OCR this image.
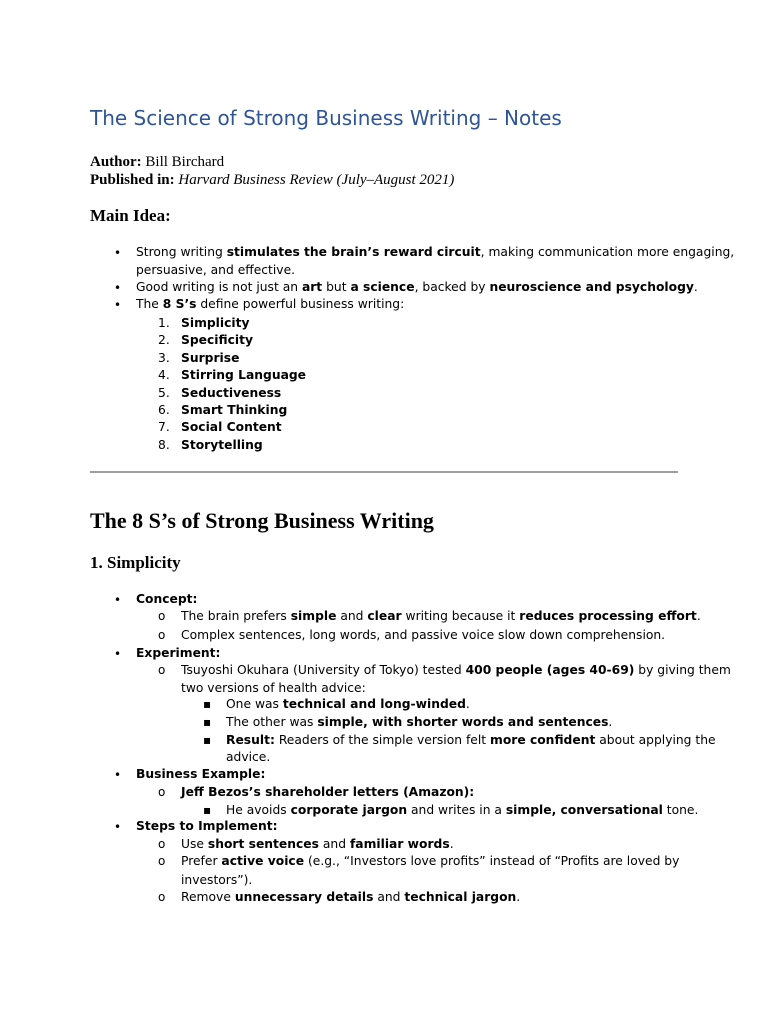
The Science of Strong Business Writing – Notes
Author: Bill Birchard
Published in: Harvard Business Review (July–August 2021)
Main Idea:
• Strong writing stimulates the brain’s reward circuit, making communication more engaging,
persuasive, and effective.
• Good writing is not just an art but a science, backed by neuroscience and psychology.
• The 8 S’s define powerful business writing:
1. Simplicity
2. Specificity
3. Surprise
4. Stirring Language
5. Seductiveness
6. Smart Thinking
7. Social Content
8. Storytelling
The 8 S’s of Strong Business Writing
1. Simplicity
• Concept:
o The brain prefers simple and clear writing because it reduces processing effort.
o Complex sentences, long words, and passive voice slow down comprehension.
• Experiment:
o Tsuyoshi Okuhara (University of Tokyo) tested 400 people (ages 40-69) by giving them
two versions of health advice:
▪ One was technical and long-winded.
▪ The other was simple, with shorter words and sentences.
▪ Result: Readers of the simple version felt more confident about applying the
advice.
• Business Example:
o Jeff Bezos’s shareholder letters (Amazon):
▪ He avoids corporate jargon and writes in a simple, conversational tone.
• Steps to Implement:
o Use short sentences and familiar words.
o Prefer active voice (e.g., “Investors love profits” instead of “Profits are loved by
investors”).
o Remove unnecessary details and technical jargon.
